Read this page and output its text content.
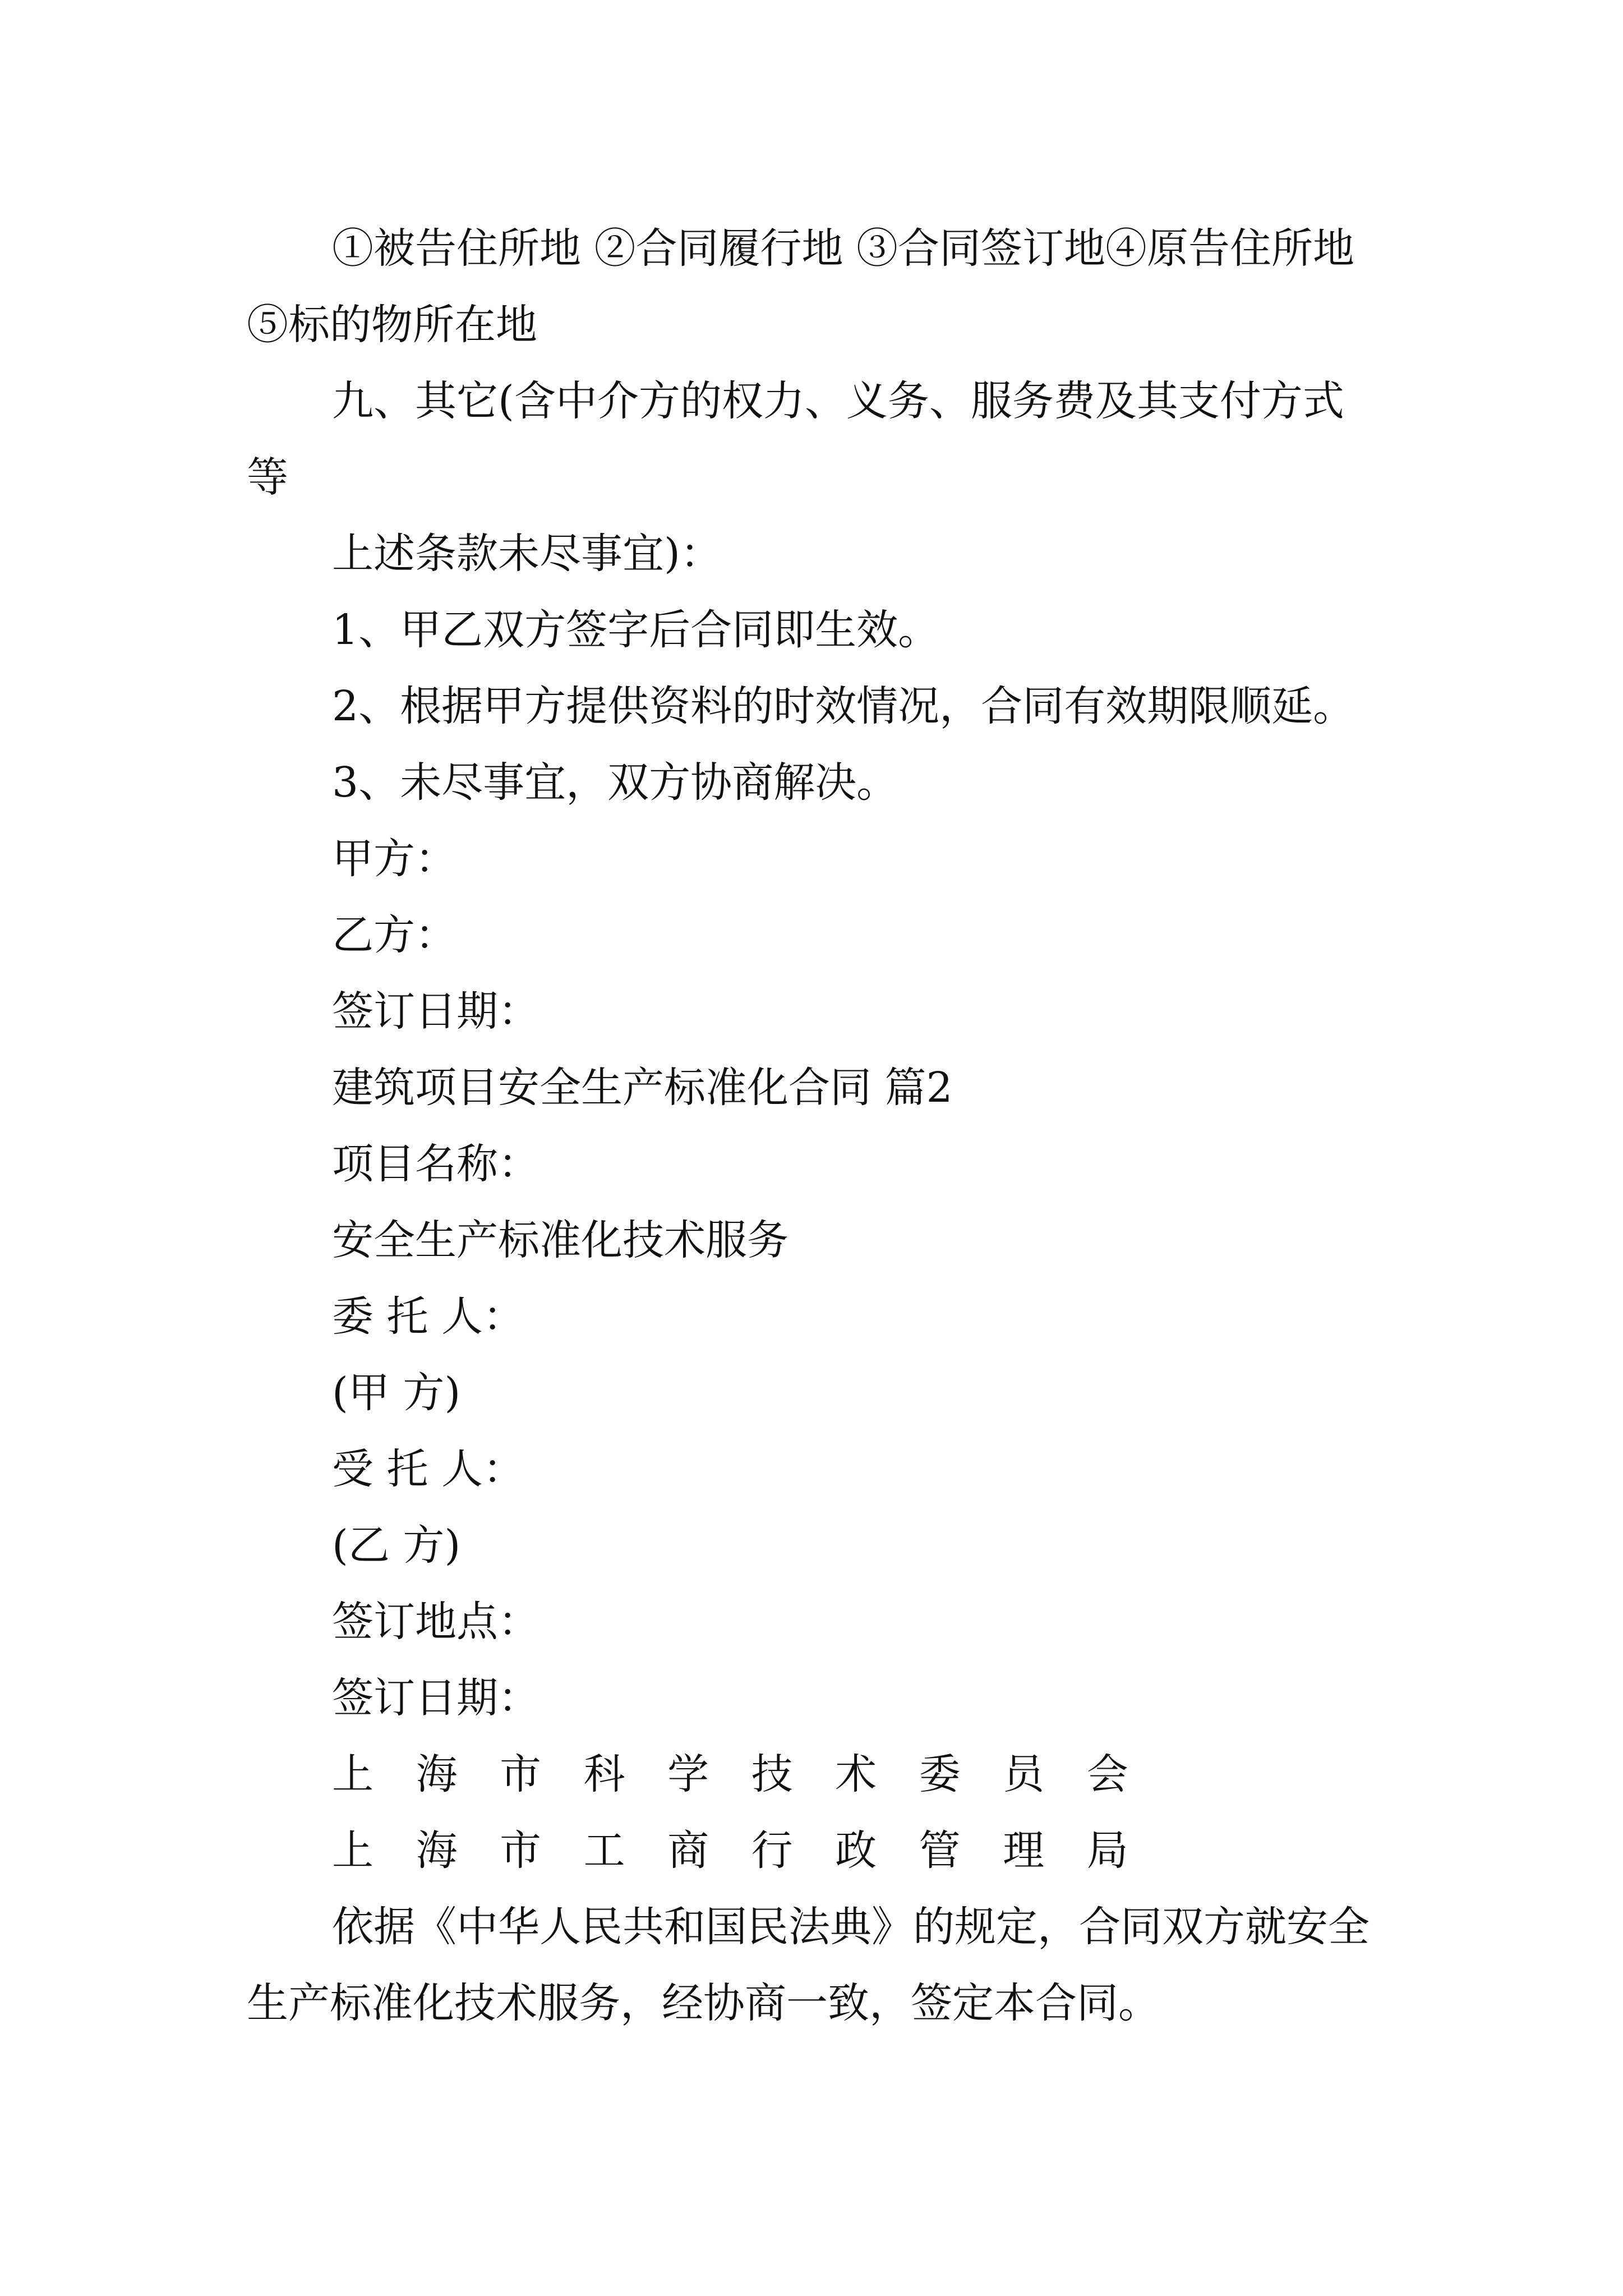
①被告住所地 ②合同履行地 ③合同签订地④原告住所地 ⑤标的物所在地

九、其它(含中介方的权力、义务、服务费及其支付方式等

上述条款未尽事宜)：

1、甲乙双方签字后合同即生效。

2、根据甲方提供资料的时效情况，合同有效期限顺延。

3、未尽事宜，双方协商解决。

甲方：

乙方：

签订日期：

建筑项目安全生产标准化合同 篇2

项目名称：

安全生产标准化技术服务

委 托 人：

(甲 方)

受 托 人：

(乙 方)

签订地点：

签订日期：

上 海 市 科 学 技 术 委 员 会

上 海 市 工 商 行 政 管 理 局

依据《中华人民共和国民法典》的规定，合同双方就安全生产标准化技术服务，经协商一致，签定本合同。
